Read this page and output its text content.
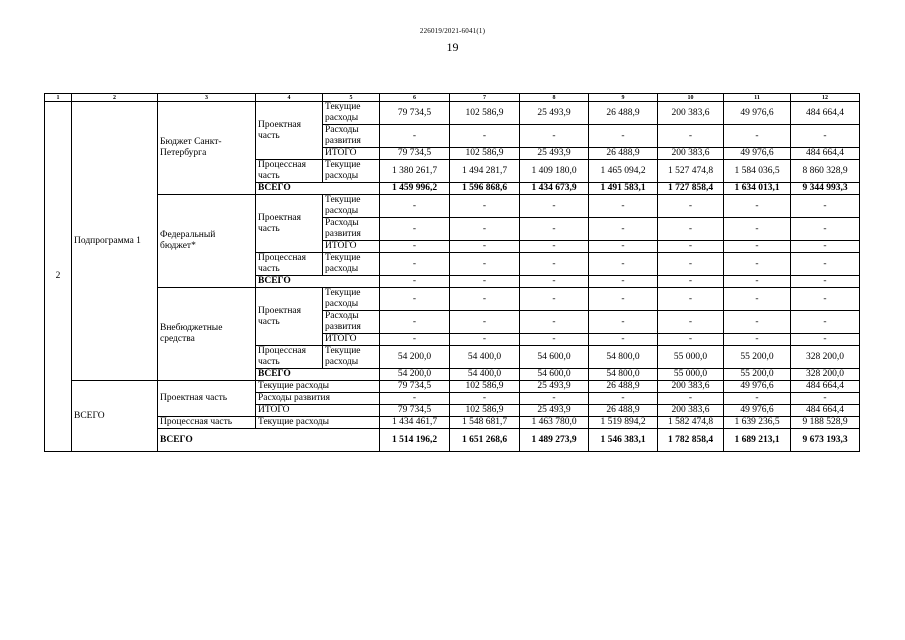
226019/2021-6041(1)
19
1	2	3	4	5	6	7	8	9	10	11	12
2	Подпрограмма 1	Бюджет Санкт-Петербурга	Проектная часть	Текущие расходы	79 734,5	102 586,9	25 493,9	26 488,9	200 383,6	49 976,6	484 664,4
				Расходы развития	-	-	-	-	-	-	-
				ИТОГО	79 734,5	102 586,9	25 493,9	26 488,9	200 383,6	49 976,6	484 664,4
			Процессная часть	Текущие расходы	1 380 261,7	1 494 281,7	1 409 180,0	1 465 094,2	1 527 474,8	1 584 036,5	8 860 328,9
			ВСЕГО		1 459 996,2	1 596 868,6	1 434 673,9	1 491 583,1	1 727 858,4	1 634 013,1	9 344 993,3
		Федеральный бюджет*	Проектная часть	Текущие расходы	-	-	-	-	-	-	-
				Расходы развития	-	-	-	-	-	-	-
				ИТОГО	-	-	-	-	-	-	-
			Процессная часть	Текущие расходы	-	-	-	-	-	-	-
			ВСЕГО		-	-	-	-	-	-	-
		Внебюджетные средства	Проектная часть	Текущие расходы	-	-	-	-	-	-	-
				Расходы развития	-	-	-	-	-	-	-
				ИТОГО	-	-	-	-	-	-	-
			Процессная часть	Текущие расходы	54 200,0	54 400,0	54 600,0	54 800,0	55 000,0	55 200,0	328 200,0
			ВСЕГО		54 200,0	54 400,0	54 600,0	54 800,0	55 000,0	55 200,0	328 200,0
	ВСЕГО	Проектная часть	Текущие расходы		79 734,5	102 586,9	25 493,9	26 488,9	200 383,6	49 976,6	484 664,4
			Расходы развития		-	-	-	-	-	-	-
			ИТОГО		79 734,5	102 586,9	25 493,9	26 488,9	200 383,6	49 976,6	484 664,4
		Процессная часть	Текущие расходы		1 434 461,7	1 548 681,7	1 463 780,0	1 519 894,2	1 582 474,8	1 639 236,5	9 188 528,9
		ВСЕГО			1 514 196,2	1 651 268,6	1 489 273,9	1 546 383,1	1 782 858,4	1 689 213,1	9 673 193,3
